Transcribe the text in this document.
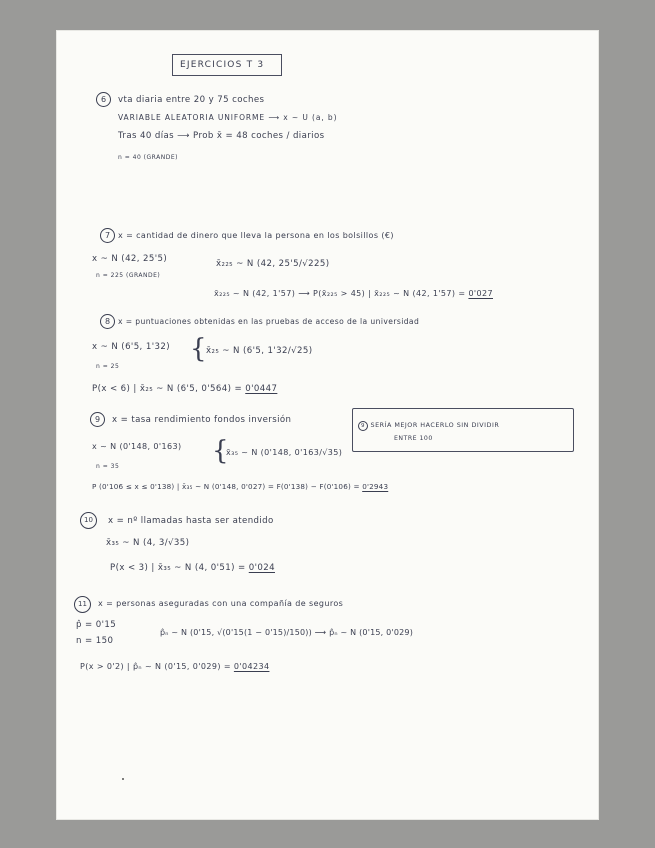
EJERCICIOS T 3
6	vta diaria entre 20 y 75 coches
VARIABLE ALEATORIA UNIFORME ⟶ x ~ U (a, b)
Tras 40 días ⟶ Prob x̄ = 48 coches / diarios
n = 40 (GRANDE)
7 x = cantidad de dinero que lleva la persona en los bolsillos (€)
x ~ N (42, 25'5)
n = 225 (GRANDE)
x̄₂₂₅ ~ N (42, 25'5/√225)
x̄₂₂₅ ~ N (42, 1'57) ⟶ P(x̄₂₂₅ > 45) | x̄₂₂₅ ~ N (42, 1'57) = 0'027
8	x = puntuaciones obtenidas en las pruebas de acceso de la universidad
x ~ N (6'5, 1'32)
n = 25
{ x̄₂₅ ~ N (6'5, 1'32/√25)
P(x < 6) | x̄₂₅ ~ N (6'5, 0'564) = 0'0447
9	x = tasa rendimiento fondos inversión
9 SERÍA MEJOR HACERLO SIN DIVIDIR
ENTRE 100
x ~ N (0'148, 0'163)
n = 35
{
x̄₃₅ ~ N (0'148, 0'163/√35)
P (0'106 ≤ x ≤ 0'138) | x̄₃₅ ~ N (0'148, 0'027) = F(0'138) − F(0'106) = 0'2943
10	x = nº llamadas hasta ser atendido
x̄₃₅ ~ N (4, 3/√35)
P(x < 3) | x̄₃₅ ~ N (4, 0'51) = 0'024
11	x = personas aseguradas con una compañía de seguros
p̂ = 0'15
n = 150
p̂ₙ ~ N (0'15, √(0'15(1 − 0'15)/150)) ⟶ p̂ₙ ~ N (0'15, 0'029)
P(x > 0'2) | p̂ₙ ~ N (0'15, 0'029) = 0'04234
